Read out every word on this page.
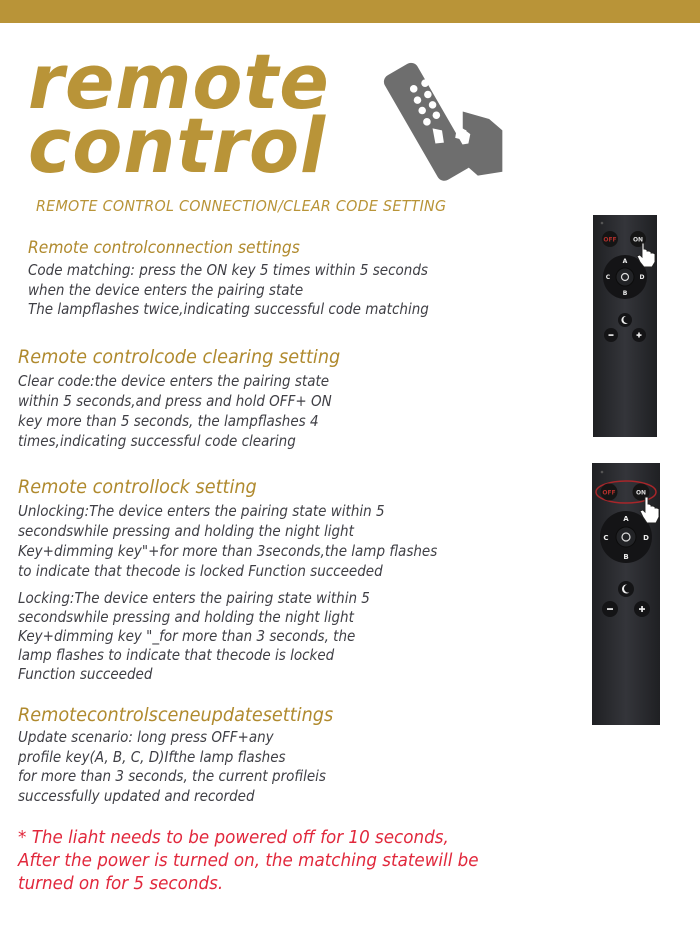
remote
control
REMOTE CONTROL CONNECTION/CLEAR CODE SETTING
Remote controlconnection settings
Code matching: press the ON key 5 times within 5 seconds
when the device enters the pairing state
The lampflashes twice,indicating successful code matching
Remote controlcode clearing setting
Clear code:the device enters the pairing state
within 5 seconds,and press and hold OFF+ ON
key more than 5 seconds, the lampflashes 4
times,indicating successful code clearing
Remote controllock setting
Unlocking:The device enters the pairing state within 5
secondswhile pressing and holding the night light
Key+dimming key"+for more than 3seconds,the lamp flashes
to indicate that thecode is locked Function succeeded
Locking:The device enters the pairing state within 5
secondswhile pressing and holding the night light
Key+dimming key "_for more than 3 seconds, the
lamp flashes to indicate that thecode is locked
Function succeeded
Remotecontrolsceneupdatesettings
Update scenario: long press OFF+any
profile key(A, B, C, D)Ifthe lamp flashes
for more than 3 seconds, the current profileis
successfully updated and recorded
* The liaht needs to be powered off for 10 seconds,
After the power is turned on, the matching statewill be
turned on for 5 seconds.
OFF	ON
A
B
C	D
OFF	ON
A
B
C	D
